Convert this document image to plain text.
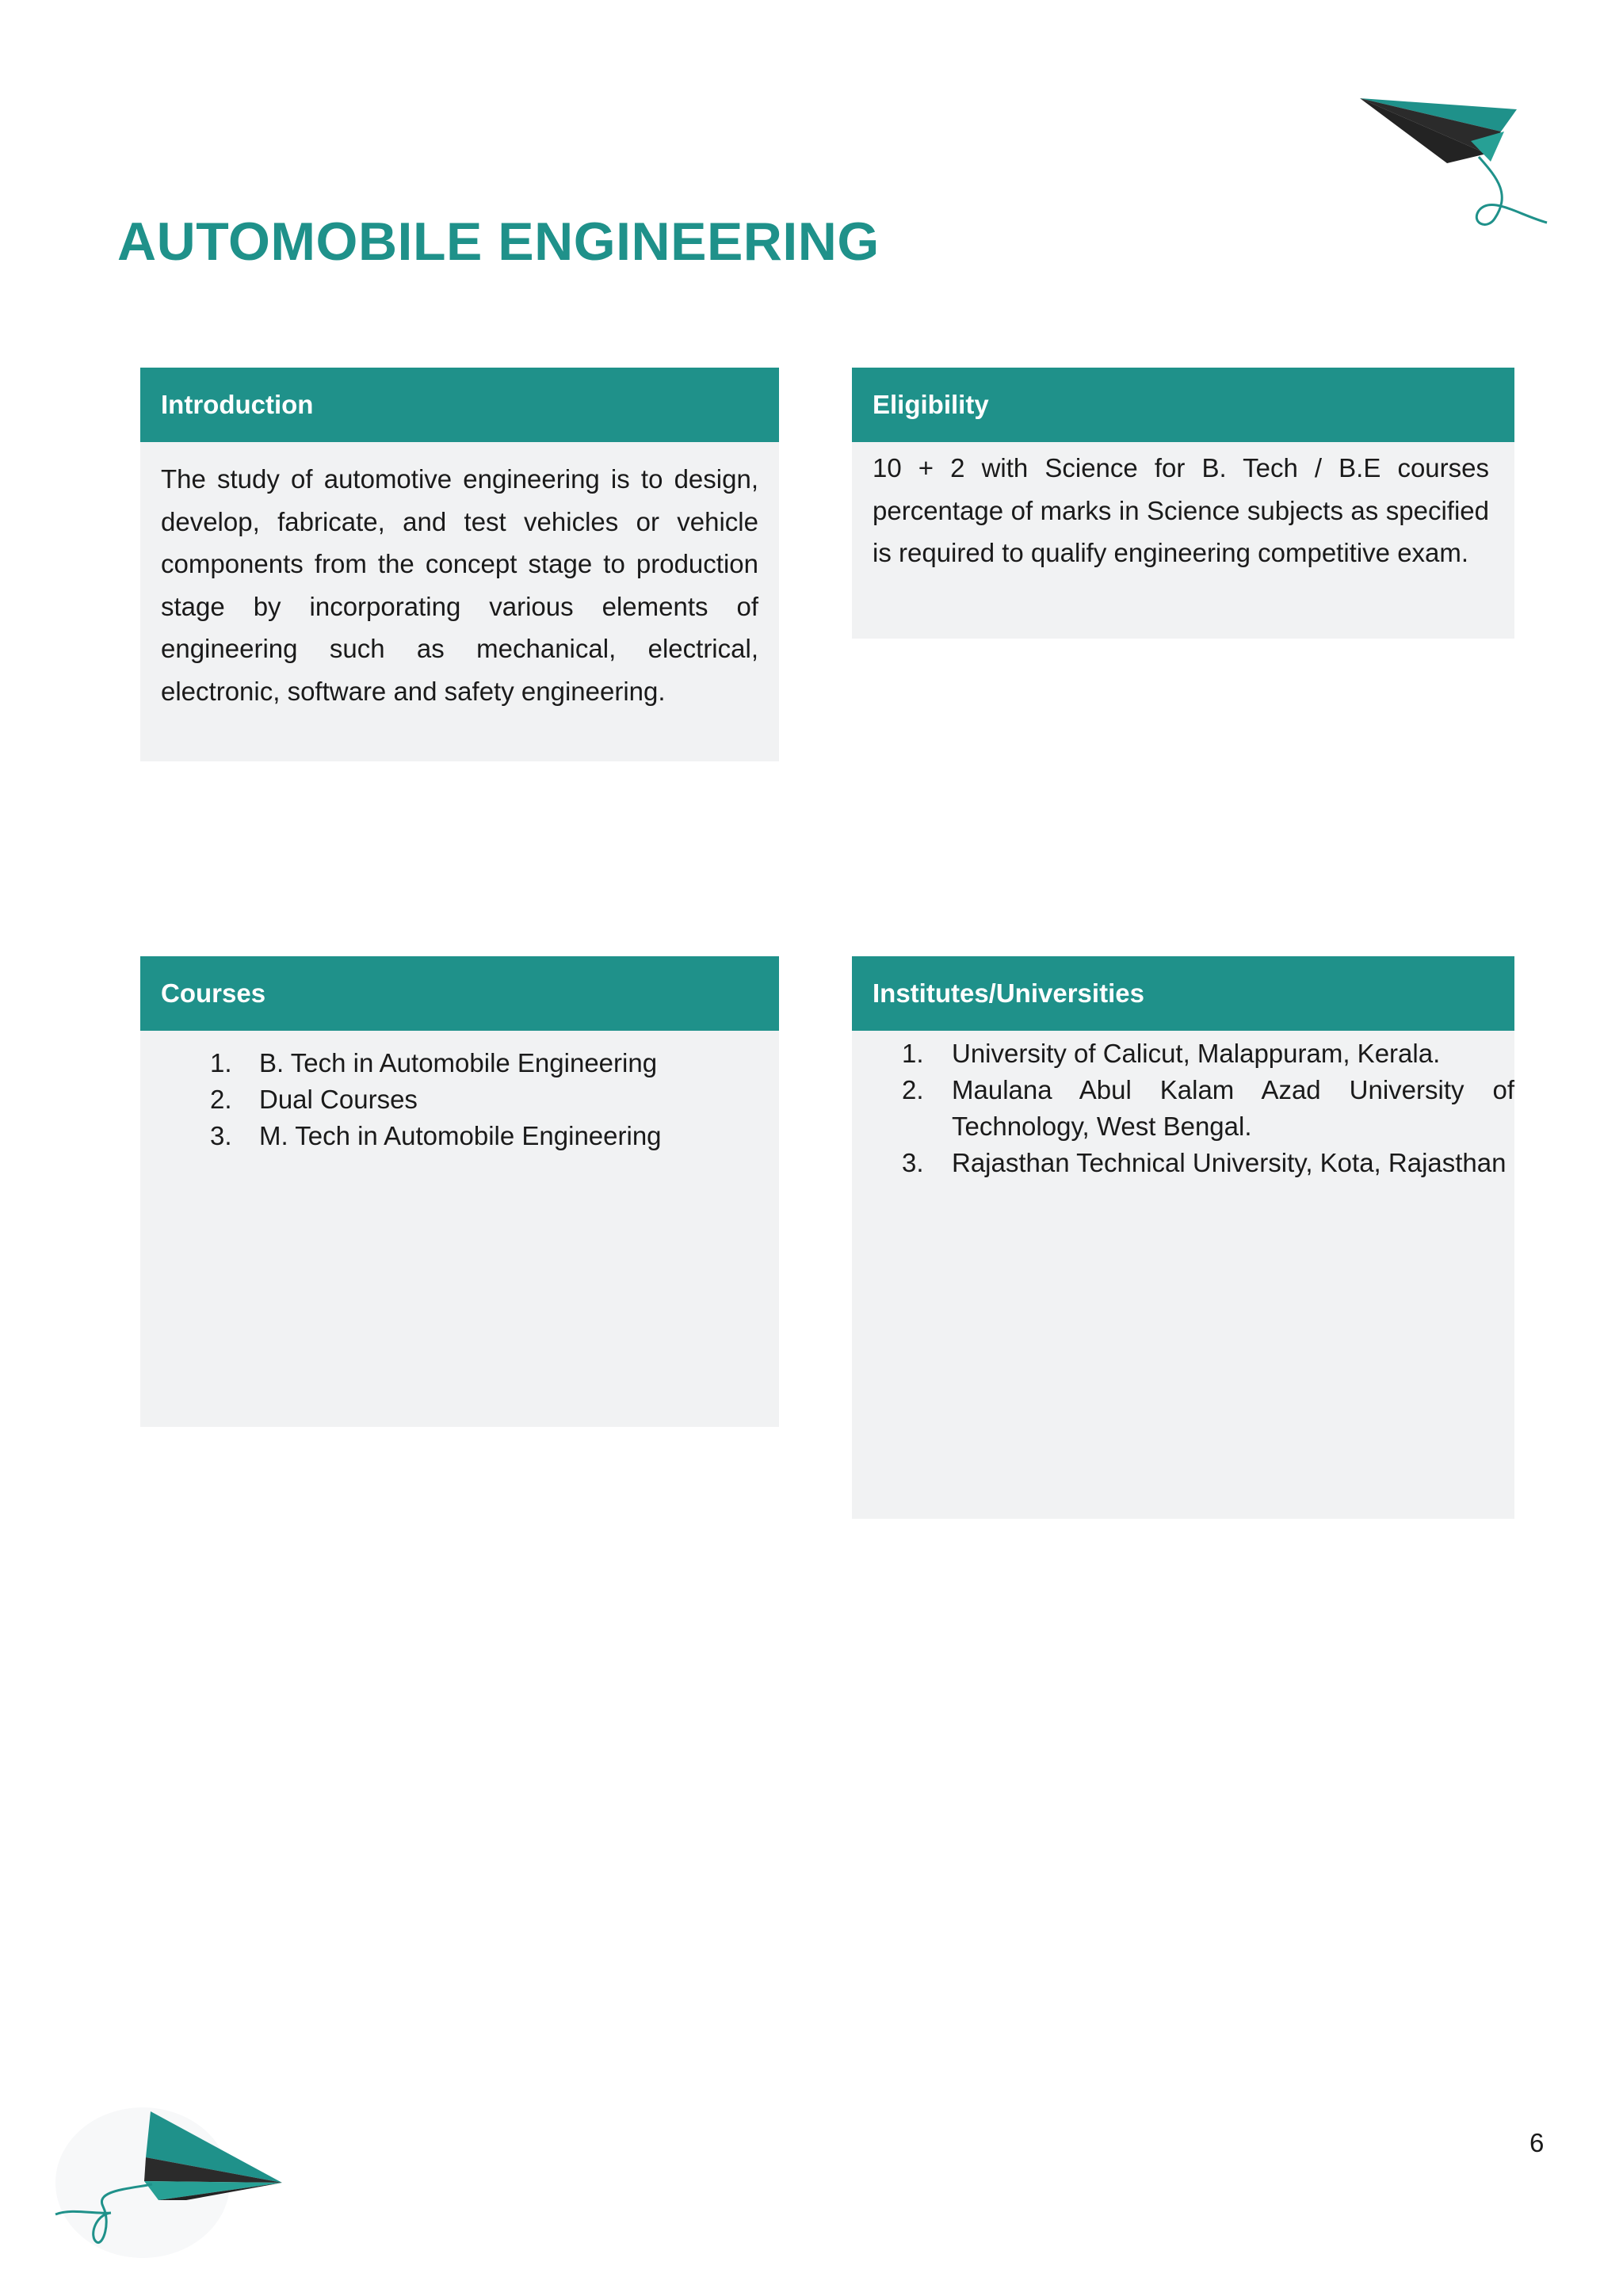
AUTOMOBILE ENGINEERING
Introduction

The study of automotive engineering is to design, develop, fabricate, and test vehicles or vehicle components from the concept stage to production stage by incorporating various elements of engineering such as mechanical, electrical, electronic, software and safety engineering.

Eligibility

10 + 2 with Science for B. Tech / B.E courses percentage of marks in Science subjects as specified is required to qualify engineering competitive exam.

Courses
1. B. Tech in Automobile Engineering
2. Dual Courses
3. M. Tech in Automobile Engineering
Institutes/Universities
1. University of Calicut, Malappuram, Kerala.
2. Maulana Abul Kalam Azad University of Technology, West Bengal.
3. Rajasthan Technical University, Kota, Rajasthan
6
